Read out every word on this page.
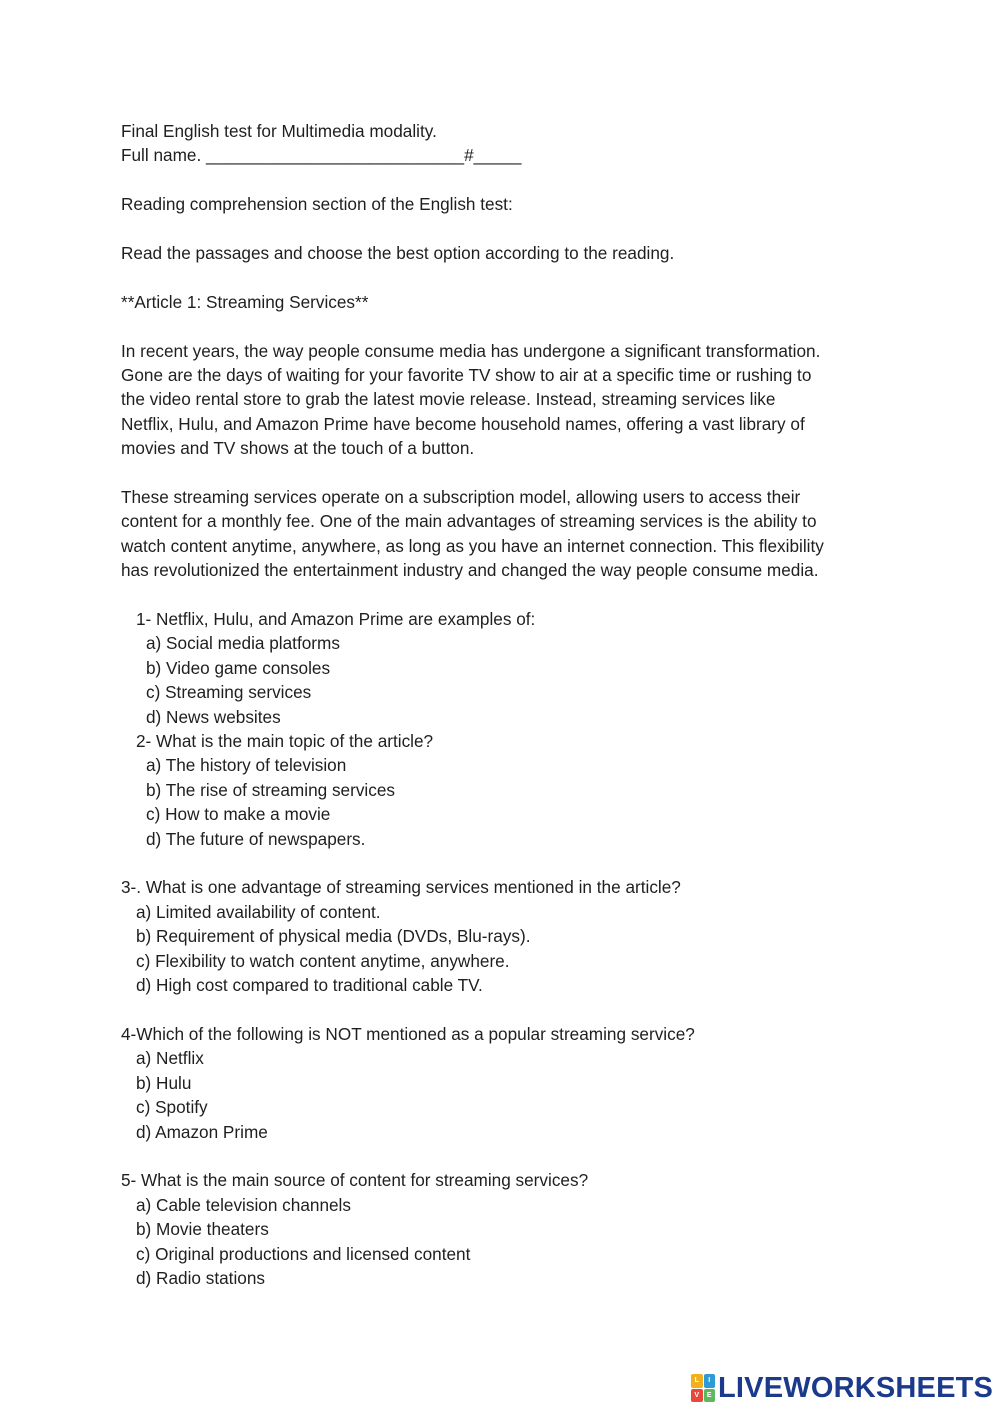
Final English test for Multimedia modality.

Full name. ___________________________#_____

Reading comprehension section of the English test:

Read the passages and choose the best option according to the reading.

**Article 1: Streaming Services**

In recent years, the way people consume media has undergone a significant transformation.

Gone are the days of waiting for your favorite TV show to air at a specific time or rushing to

the video rental store to grab the latest movie release. Instead, streaming services like

Netflix, Hulu, and Amazon Prime have become household names, offering a vast library of

movies and TV shows at the touch of a button.

These streaming services operate on a subscription model, allowing users to access their

content for a monthly fee. One of the main advantages of streaming services is the ability to

watch content anytime, anywhere, as long as you have an internet connection. This flexibility

has revolutionized the entertainment industry and changed the way people consume media.

1- Netflix, Hulu, and Amazon Prime are examples of:

a) Social media platforms

b) Video game consoles

c) Streaming services

d) News websites

2- What is the main topic of the article?

a) The history of television

b) The rise of streaming services

c) How to make a movie

d) The future of newspapers.

3-. What is one advantage of streaming services mentioned in the article?

a) Limited availability of content.

b) Requirement of physical media (DVDs, Blu-rays).

c) Flexibility to watch content anytime, anywhere.

d) High cost compared to traditional cable TV.

4-Which of the following is NOT mentioned as a popular streaming service?

a) Netflix

b) Hulu

c) Spotify

d) Amazon Prime

5- What is the main source of content for streaming services?

a) Cable television channels

b) Movie theaters

c) Original productions and licensed content

d) Radio stations

L	I
V	E LIVEWORKSHEETS
